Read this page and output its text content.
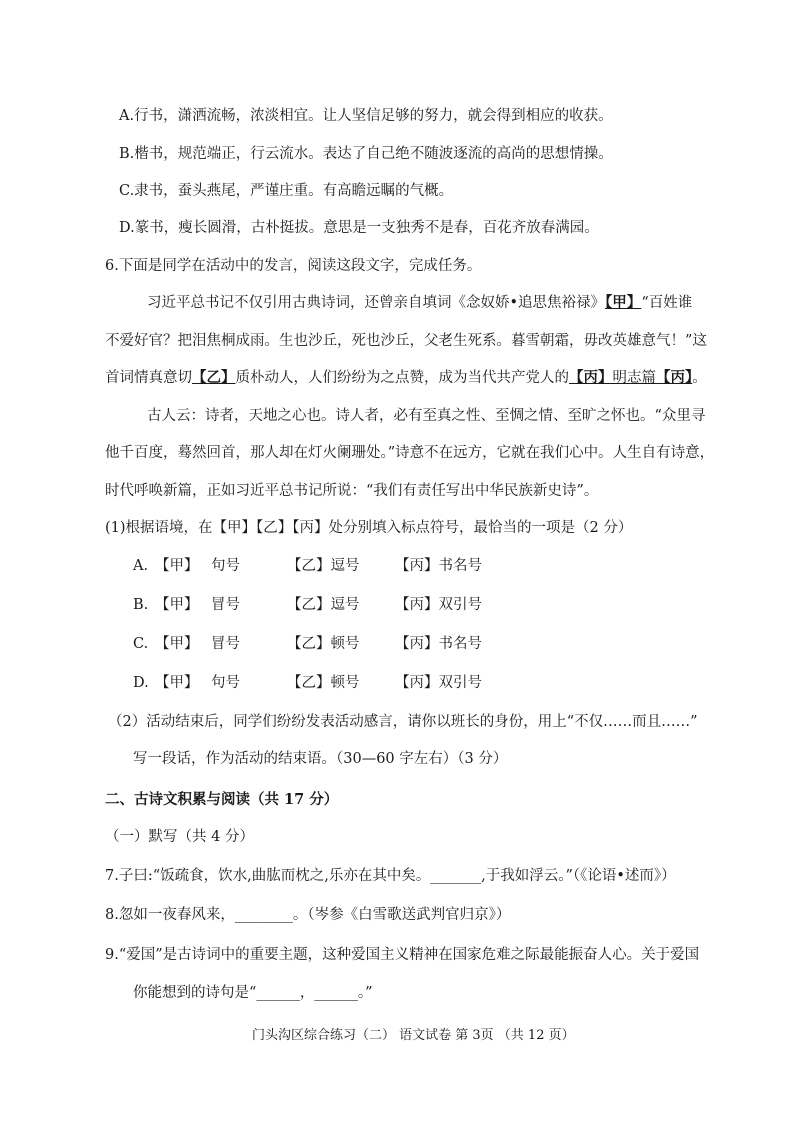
A.行书，潇洒流畅，浓淡相宜。让人坚信足够的努力，就会得到相应的收获。
B.楷书，规范端正，行云流水。表达了自己绝不随波逐流的高尚的思想情操。
C.隶书，蚕头燕尾，严谨庄重。有高瞻远瞩的气概。
D.篆书，瘦长圆滑，古朴挺拔。意思是一支独秀不是春，百花齐放春满园。
6.下面是同学在活动中的发言，阅读这段文字，完成任务。
习近平总书记不仅引用古典诗词，还曾亲自填词《念奴娇•追思焦裕禄》【甲】“百姓谁
不爱好官？把泪焦桐成雨。生也沙丘，死也沙丘，父老生死系。暮雪朝霜，毋改英雄意气！”这
首词情真意切【乙】质朴动人，人们纷纷为之点赞，成为当代共产党人的【丙】明志篇【丙】。
古人云：诗者，天地之心也。诗人者，必有至真之性、至惆之情、至旷之怀也。“众里寻
他千百度，蓦然回首，那人却在灯火阑珊处。”诗意不在远方，它就在我们心中。人生自有诗意，
时代呼唤新篇，正如习近平总书记所说：“我们有责任写出中华民族新史诗”。
(1)根据语境，在【甲】【乙】【丙】处分别填入标点符号，最恰当的一项是（2 分）
A. 【甲】 句号	【乙】逗号 【丙】书名号
B. 【甲】 冒号	【乙】逗号 【丙】双引号
C. 【甲】 冒号	【乙】顿号 【丙】书名号
D. 【甲】 句号	【乙】顿号 【丙】双引号
（2）活动结束后，同学们纷纷发表活动感言，请你以班长的身份，用上“不仅……而且……”
写一段话，作为活动的结束语。（30—60 字左右）（3 分）
二、古诗文积累与阅读（共 17 分）
（一）默写（共 4 分）
7.子曰:“饭疏食，饮水,曲肱而枕之,乐亦在其中矣。_______,于我如浮云。”（《论语•述而》）
8.忽如一夜春风来，________。（岑参《白雪歌送武判官归京》）
9.“爱国”是古诗词中的重要主题，这种爱国主义精神在国家危难之际最能振奋人心。关于爱国
你能想到的诗句是“______，______。”
门头沟区综合练习（二） 语文试卷 第 3页 （共 12 页）
